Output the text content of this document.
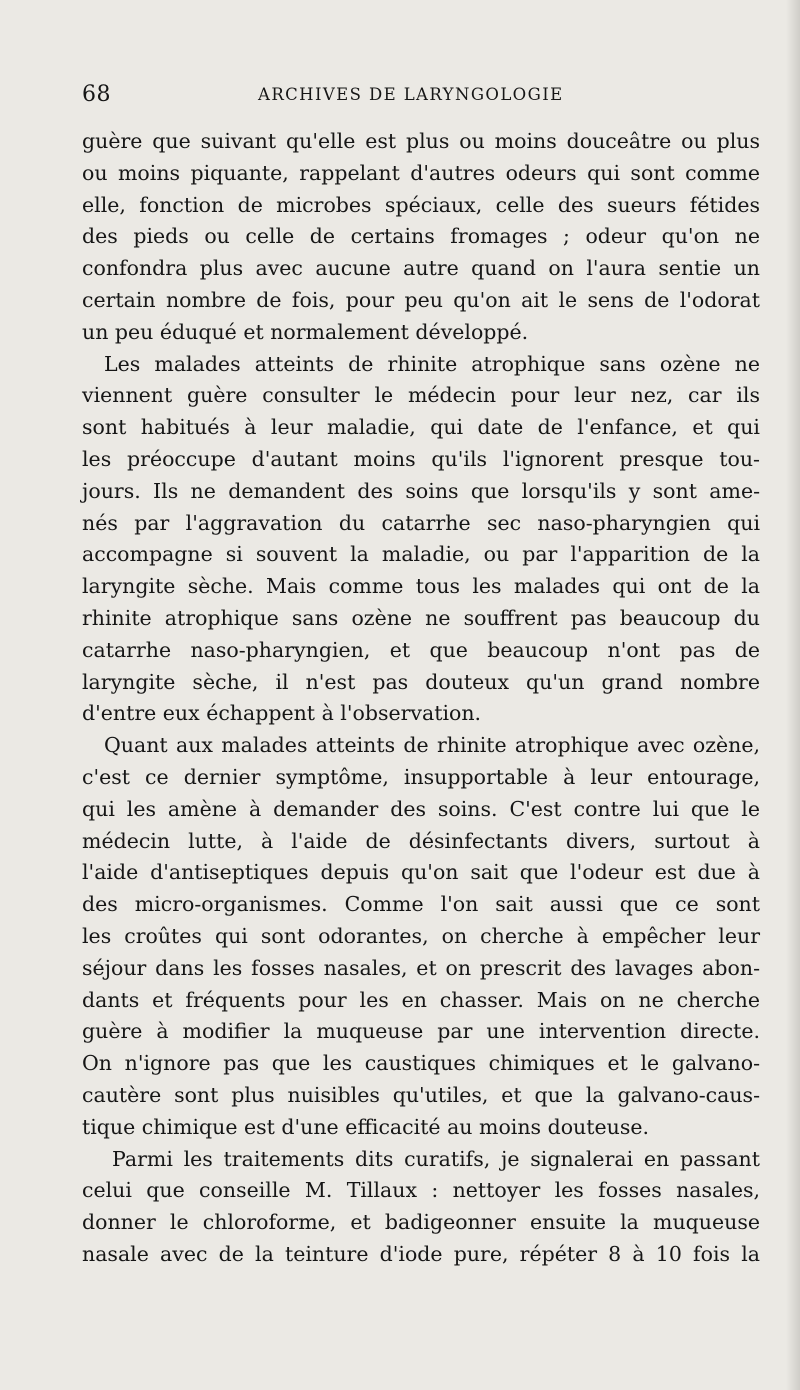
68	ARCHIVES DE LARYNGOLOGIE
guère que suivant qu'elle est plus ou moins douceâtre ou plus
ou moins piquante, rappelant d'autres odeurs qui sont comme
elle, fonction de microbes spéciaux, celle des sueurs fétides
des pieds ou celle de certains fromages ; odeur qu'on ne
confondra plus avec aucune autre quand on l'aura sentie un
certain nombre de fois, pour peu qu'on ait le sens de l'odorat
un peu éduqué et normalement développé.
Les malades atteints de rhinite atrophique sans ozène ne
viennent guère consulter le médecin pour leur nez, car ils
sont habitués à leur maladie, qui date de l'enfance, et qui
les préoccupe d'autant moins qu'ils l'ignorent presque tou-
jours. Ils ne demandent des soins que lorsqu'ils y sont ame-
nés par l'aggravation du catarrhe sec naso-pharyngien qui
accompagne si souvent la maladie, ou par l'apparition de la
laryngite sèche. Mais comme tous les malades qui ont de la
rhinite atrophique sans ozène ne souffrent pas beaucoup du
catarrhe naso-pharyngien, et que beaucoup n'ont pas de
laryngite sèche, il n'est pas douteux qu'un grand nombre
d'entre eux échappent à l'observation.
Quant aux malades atteints de rhinite atrophique avec ozène,
c'est ce dernier symptôme, insupportable à leur entourage,
qui les amène à demander des soins. C'est contre lui que le
médecin lutte, à l'aide de désinfectants divers, surtout à
l'aide d'antiseptiques depuis qu'on sait que l'odeur est due à
des micro-organismes. Comme l'on sait aussi que ce sont
les croûtes qui sont odorantes, on cherche à empêcher leur
séjour dans les fosses nasales, et on prescrit des lavages abon-
dants et fréquents pour les en chasser. Mais on ne cherche
guère à modifier la muqueuse par une intervention directe.
On n'ignore pas que les caustiques chimiques et le galvano-
cautère sont plus nuisibles qu'utiles, et que la galvano-caus-
tique chimique est d'une efficacité au moins douteuse.
Parmi les traitements dits curatifs, je signalerai en passant
celui que conseille M. Tillaux : nettoyer les fosses nasales,
donner le chloroforme, et badigeonner ensuite la muqueuse
nasale avec de la teinture d'iode pure, répéter 8 à 10 fois la
